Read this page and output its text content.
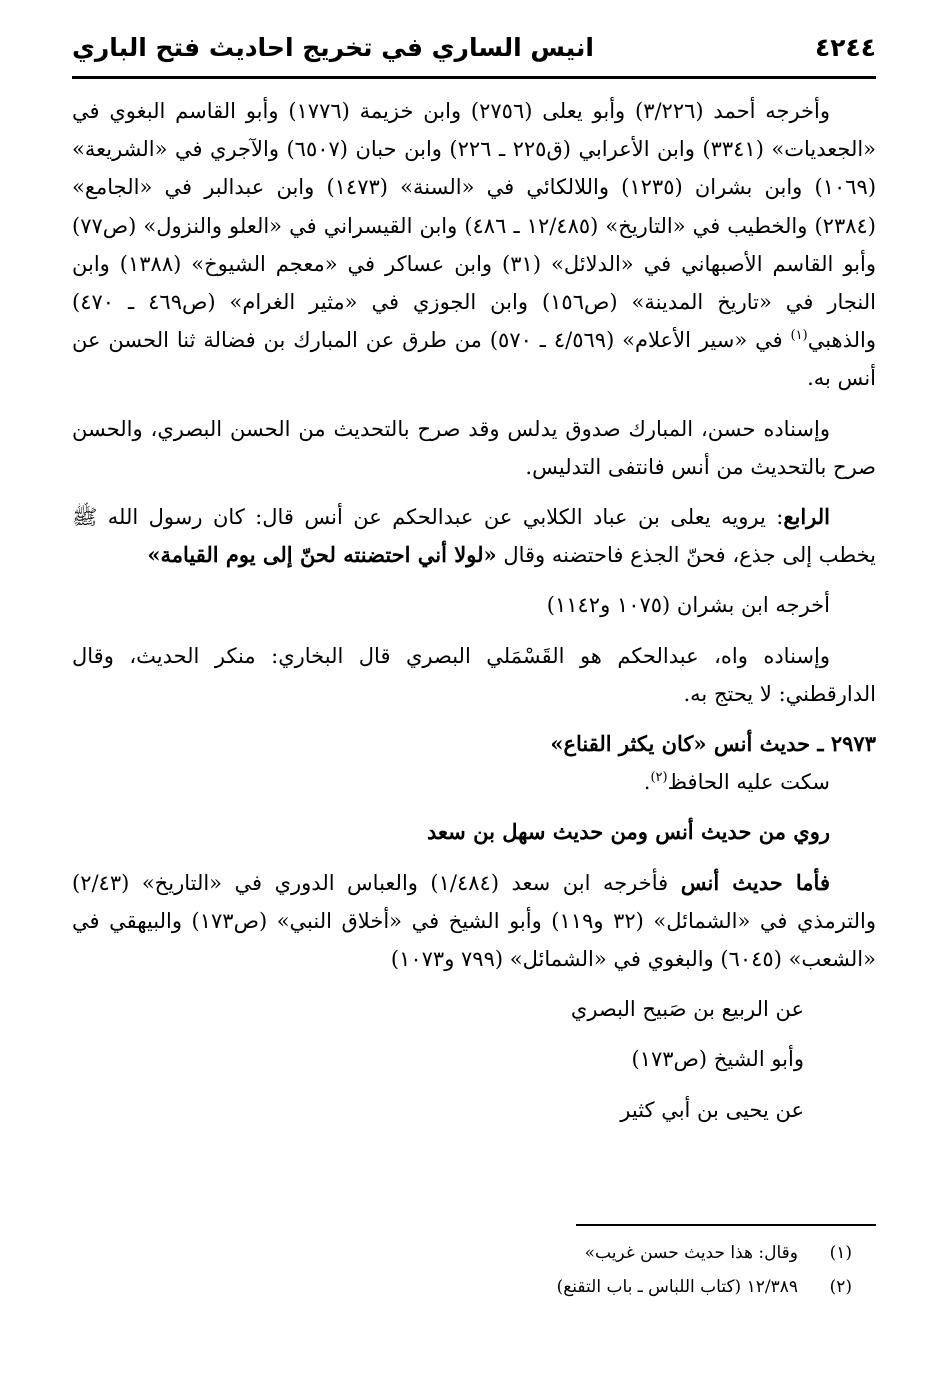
٤٢٤٤
انيس الساري في تخريج احاديث فتح الباري

وأخرجه أحمد (٣/٢٢٦) وأبو يعلى (٢٧٥٦) وابن خزيمة (١٧٧٦) وأبو القاسم البغوي في «الجعديات» (٣٣٤١) وابن الأعرابي (ق٢٢٥ ـ ٢٢٦) وابن حبان (٦٥٠٧) والآجري في «الشريعة» (١٠٦٩) وابن بشران (١٢٣٥) واللالكائي في «السنة» (١٤٧٣) وابن عبدالبر في «الجامع» (٢٣٨٤) والخطيب في «التاريخ» (١٢/٤٨٥ ـ ٤٨٦) وابن القيسراني في «العلو والنزول» (ص٧٧) وأبو القاسم الأصبهاني في «الدلائل» (٣١) وابن عساكر في «معجم الشيوخ» (١٣٨٨) وابن النجار في «تاريخ المدينة» (ص١٥٦) وابن الجوزي في «مثير الغرام» (ص٤٦٩ ـ ٤٧٠) والذهبي$^{(١)}$ في «سير الأعلام» (٤/٥٦٩ ـ ٥٧٠) من طرق عن المبارك بن فضالة ثنا الحسن عن أنس به.

وإسناده حسن، المبارك صدوق يدلس وقد صرح بالتحديث من الحسن البصري، والحسن صرح بالتحديث من أنس فانتفى التدليس.

الرابع: يرويه يعلى بن عباد الكلابي عن عبدالحكم عن أنس قال: كان رسول الله ﷺ يخطب إلى جذع، فحنّ الجذع فاحتضنه وقال «لولا أني احتضنته لحنّ إلى يوم القيامة»

أخرجه ابن بشران (١٠٧٥ و١١٤٢)

وإسناده واه، عبدالحكم هو القَسْمَلي البصري قال البخاري: منكر الحديث، وقال الدارقطني: لا يحتج به.

٢٩٧٣ ـ حديث أنس «كان يكثر القناع»

سكت عليه الحافظ$^{(٢)}$.

روي من حديث أنس ومن حديث سهل بن سعد

فأما حديث أنس فأخرجه ابن سعد (١/٤٨٤) والعباس الدوري في «التاريخ» (٢/٤٣) والترمذي في «الشمائل» (٣٢ و١١٩) وأبو الشيخ في «أخلاق النبي» (ص١٧٣) والبيهقي في «الشعب» (٦٠٤٥) والبغوي في «الشمائل» (٧٩٩ و١٠٧٣)

عن الربيع بن صَبيح البصري

وأبو الشيخ (ص١٧٣)

عن يحيى بن أبي كثير

(١)وقال: هذا حديث حسن غريب»

(٢)١٢/٣٨٩ (كتاب اللباس ـ باب التقنع)
